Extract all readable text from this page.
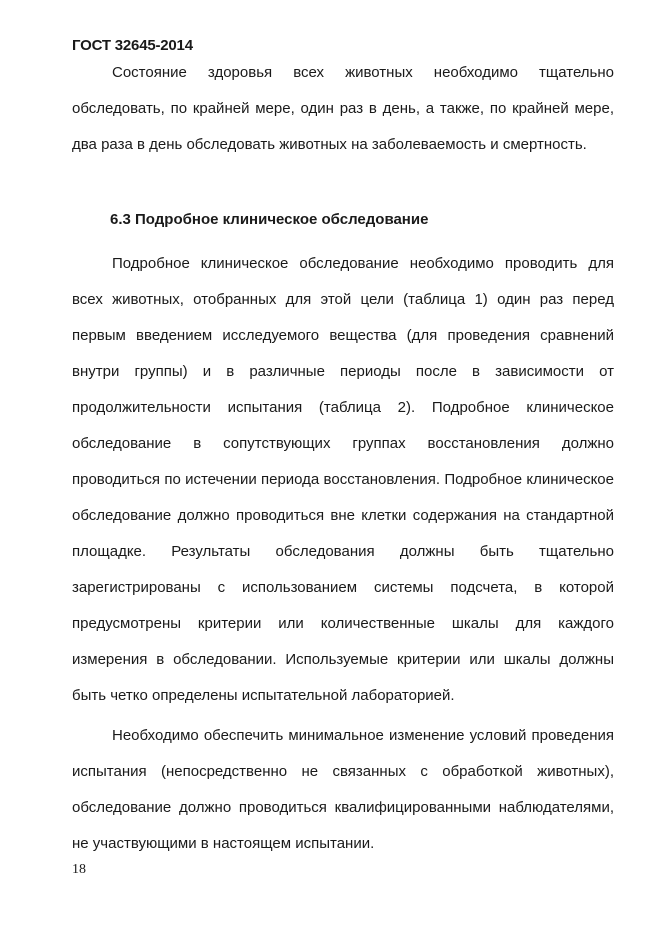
ГОСТ 32645-2014

Состояние здоровья всех животных необходимо тщательно обследовать, по крайней мере, один раз в день, а также, по крайней мере, два раза в день обследовать животных на заболеваемость и смертность.

6.3 Подробное клиническое обследование

Подробное клиническое обследование необходимо проводить для всех животных, отобранных для этой цели (таблица 1) один раз перед первым введением исследуемого вещества (для проведения сравнений внутри группы) и в различные периоды после в зависимости от продолжительности испытания (таблица 2). Подробное клиническое обследование в сопутствующих группах восстановления должно проводиться по истечении периода восстановления. Подробное клиническое обследование должно проводиться вне клетки содержания на стандартной площадке. Результаты обследования должны быть тщательно зарегистрированы с использованием системы подсчета, в которой предусмотрены критерии или количественные шкалы для каждого измерения в обследовании. Используемые критерии или шкалы должны быть четко определены испытательной лабораторией.

Необходимо обеспечить минимальное изменение условий проведения испытания (непосредственно не связанных с обработкой животных), обследование должно проводиться квалифицированными наблюдателями, не участвующими в настоящем испытании.

18
